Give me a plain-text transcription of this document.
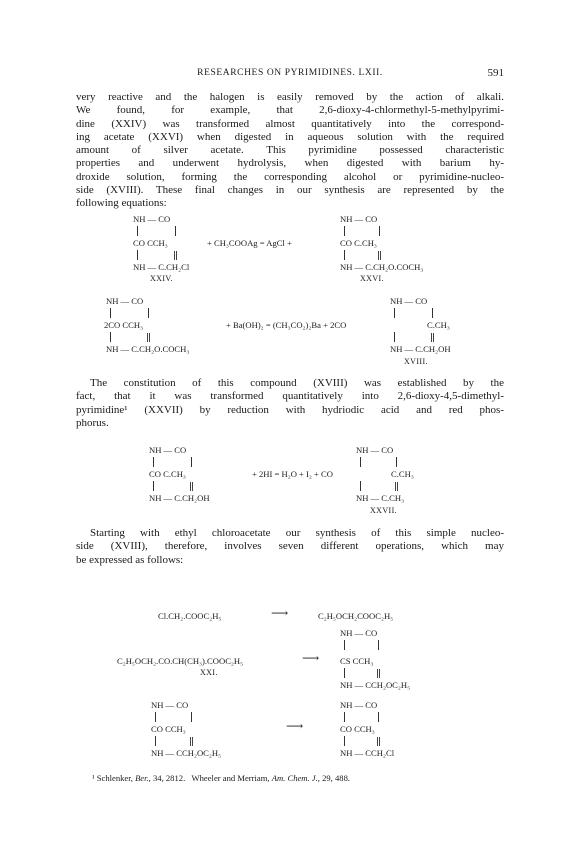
RESEARCHES ON PYRIMIDINES. LXII.	591
very reactive and the halogen is easily removed by the action of alkali.
We found, for example, that 2,6-dioxy-4-chlormethyl-5-methylpyrimi-
dine (XXIV) was transformed almost quantitatively into the correspond-
ing acetate (XXVI) when digested in aqueous solution with the required
amount of silver acetate. This pyrimidine possessed characteristic
properties and underwent hydrolysis, when digested with barium hy-
droxide solution, forming the corresponding alcohol or pyrimidine-nucleo-
side (XVIII). These final changes in our synthesis are represented by the
following equations:
NH — CO
CO CCH₃
NH — C.CH₂Cl
XXIV.
+ CH₃COOAg = AgCl +
NH — CO
CO C.CH₃
NH — C.CH₂O.COCH₃
XXVI.
NH — CO
2CO CCH₃
NH — C.CH₂O.COCH₃
+ Ba(OH)₂ = (CH₃CO₂)₂Ba + 2CO
NH — CO
C.CH₃
NH — C.CH₂OH
XVIII.
The constitution of this compound (XVIII) was established by the
fact, that it was transformed quantitatively into 2,6-dioxy-4,5-dimethyl-
pyrimidine¹ (XXVII) by reduction with hydriodic acid and red phos-
phorus.
NH — CO
CO C.CH₃
NH — C.CH₂OH
+ 2HI = H₂O + I₂ + CO
NH — CO
C.CH₃
NH — C.CH₃
XXVII.
Starting with ethyl chloroacetate our synthesis of this simple nucleo-
side (XVIII), therefore, involves seven different operations, which may
be expressed as follows:
Cl.CH₂.COOC₂H₅	⟶	C₂H₅OCH₂COOC₂H₅
NH — CO
C₂H₅OCH₂.CO.CH(CH₃).COOC₂H₅
XXI.
⟶ CS CCH₃
NH — CCH₂OC₂H₅
NH — CO
CO CCH₃
NH — CCH₂OC₂H₅
⟶
NH — CO
CO CCH₃
NH — CCH₂Cl
¹ Schlenker, Ber., 34, 2812. Wheeler and Merriam, Am. Chem. J., 29, 488.
